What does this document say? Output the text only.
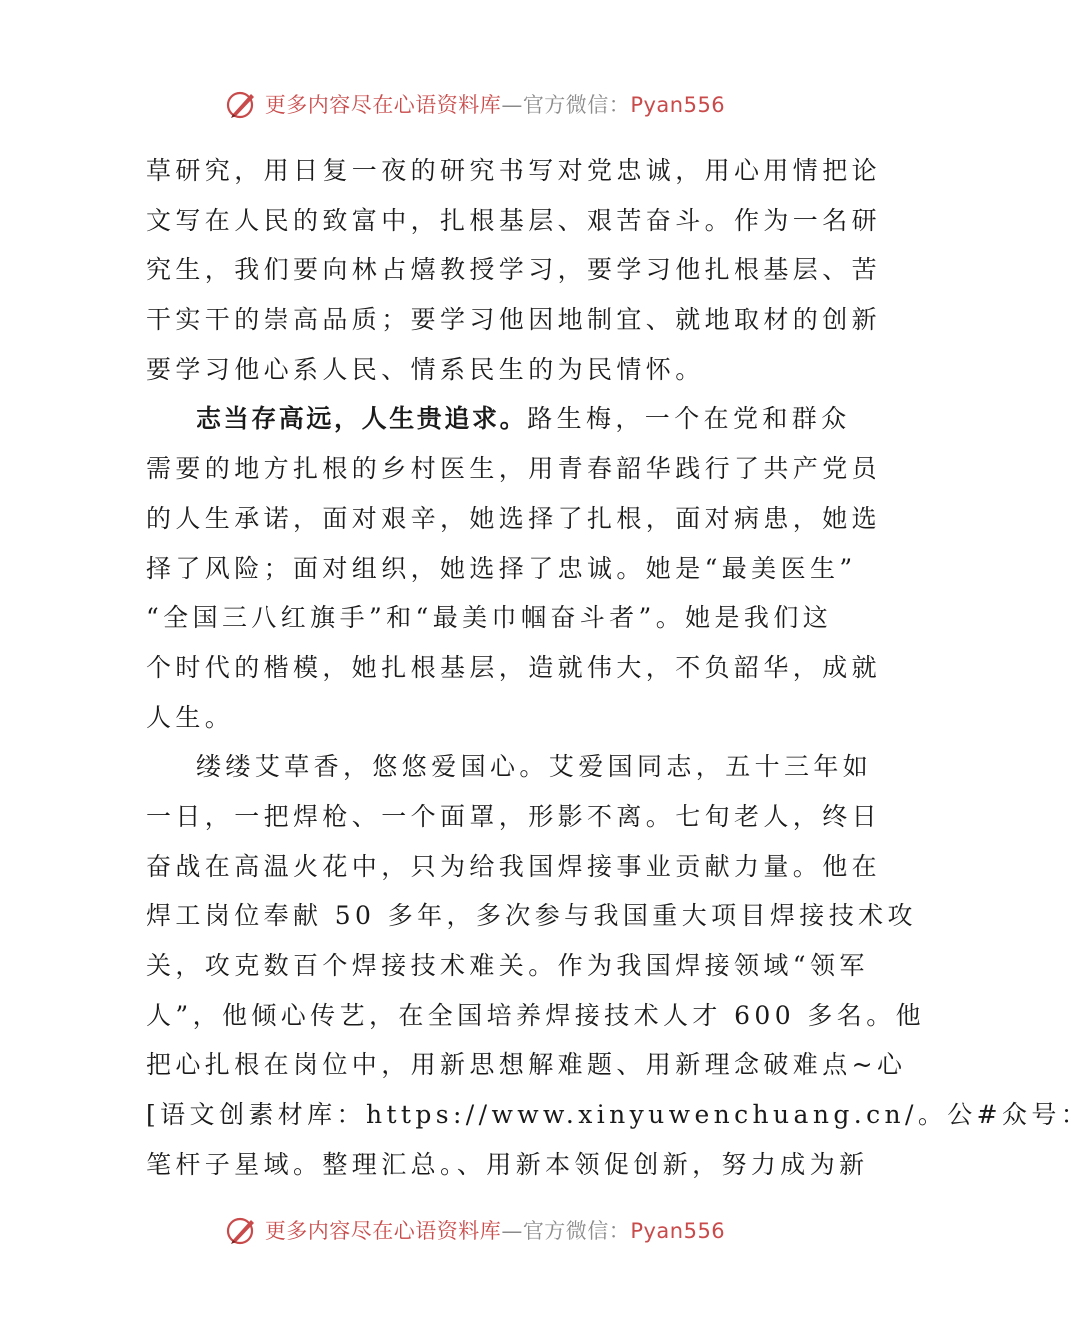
更多内容尽在心语资料库—官方微信：Pyan556
草研究，用日复一夜的研究书写对党忠诚，用心用情把论
文写在人民的致富中，扎根基层、艰苦奋斗。作为一名研
究生，我们要向林占熺教授学习，要学习他扎根基层、苦
干实干的崇高品质；要学习他因地制宜、就地取材的创新
要学习他心系人民、情系民生的为民情怀。
志当存高远，人生贵追求。路生梅，一个在党和群众
需要的地方扎根的乡村医生，用青春韶华践行了共产党员
的人生承诺，面对艰辛，她选择了扎根，面对病患，她选
择了风险；面对组织，她选择了忠诚。她是“最美医生”
“全国三八红旗手”和“最美巾帼奋斗者”。她是我们这
个时代的楷模，她扎根基层，造就伟大，不负韶华，成就
人生。
缕缕艾草香，悠悠爱国心。艾爱国同志，五十三年如
一日，一把焊枪、一个面罩，形影不离。七旬老人，终日
奋战在高温火花中，只为给我国焊接事业贡献力量。他在
焊工岗位奉献 50 多年，多次参与我国重大项目焊接技术攻
关，攻克数百个焊接技术难关。作为我国焊接领域“领军
人”，他倾心传艺，在全国培养焊接技术人才 600 多名。他
把心扎根在岗位中，用新思想解难题、用新理念破难点~心
[语文创素材库：https://www.xinyuwenchuang.cn/。公#众号：
笔杆子星域。整理汇总。、用新本领促创新，努力成为新
更多内容尽在心语资料库—官方微信：Pyan556
